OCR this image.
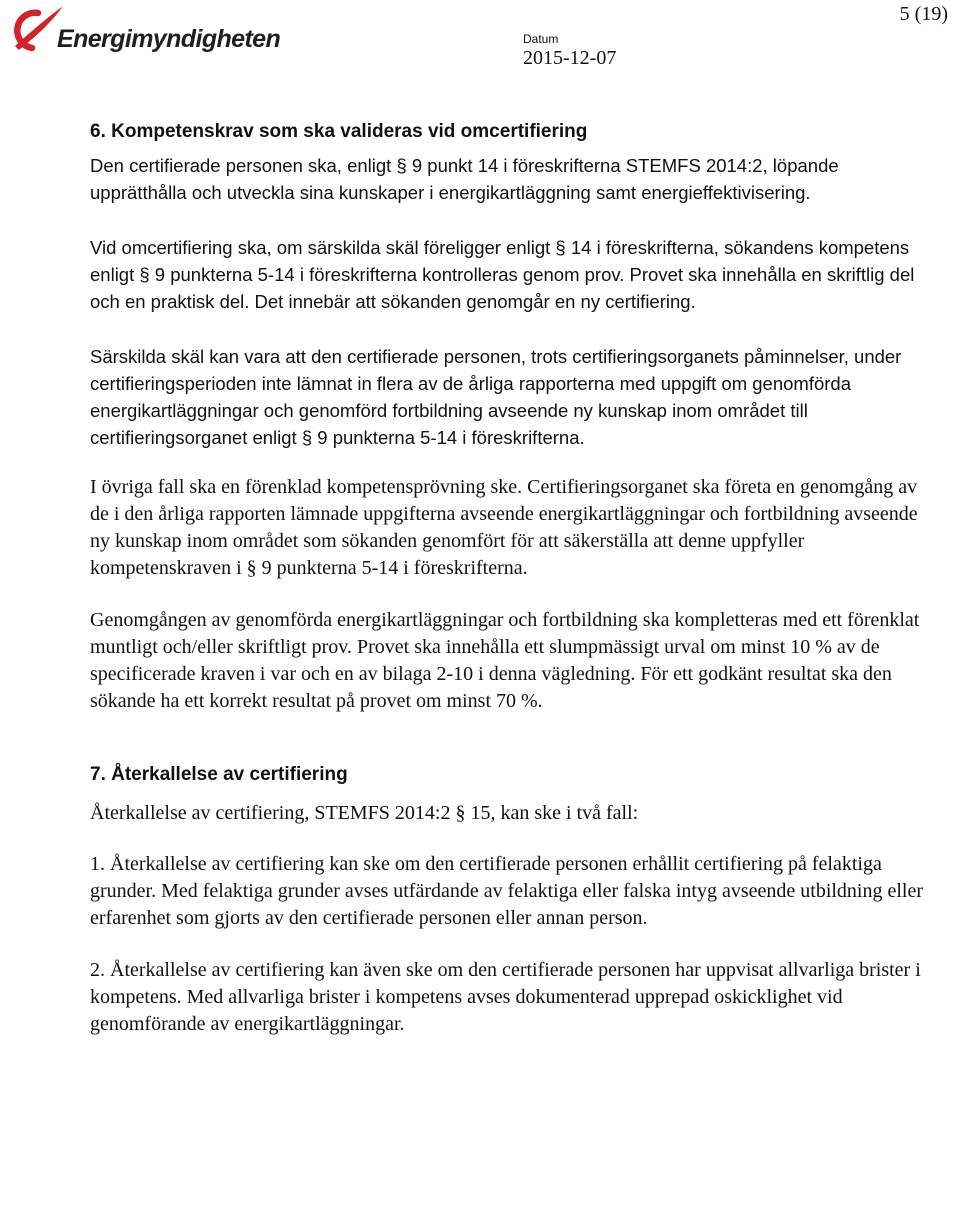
Energimyndigheten
5 (19)
Datum
2015-12-07
6. Kompetenskrav som ska valideras vid omcertifiering

Den certifierade personen ska, enligt § 9 punkt 14 i föreskrifterna STEMFS 2014:2, löpande upprätthålla och utveckla sina kunskaper i energikartläggning samt energieffektivisering.

Vid omcertifiering ska, om särskilda skäl föreligger enligt § 14 i föreskrifterna, sökandens kompetens enligt § 9 punkterna 5-14 i föreskrifterna kontrolleras genom prov. Provet ska innehålla en skriftlig del och en praktisk del. Det innebär att sökanden genomgår en ny certifiering.

Särskilda skäl kan vara att den certifierade personen, trots certifieringsorganets påminnelser, under certifieringsperioden inte lämnat in flera av de årliga rapporterna med uppgift om genomförda energikartläggningar och genomförd fortbildning avseende ny kunskap inom området till certifieringsorganet enligt § 9 punkterna 5-14 i föreskrifterna.

I övriga fall ska en förenklad kompetensprövning ske. Certifieringsorganet ska företa en genomgång av de i den årliga rapporten lämnade uppgifterna avseende energikartläggningar och fortbildning avseende ny kunskap inom området som sökanden genomfört för att säkerställa att denne uppfyller kompetenskraven i § 9 punkterna 5-14 i föreskrifterna.

Genomgången av genomförda energikartläggningar och fortbildning ska kompletteras med ett förenklat muntligt och/eller skriftligt prov. Provet ska innehålla ett slumpmässigt urval om minst 10 % av de specificerade kraven i var och en av bilaga 2-10 i denna vägledning. För ett godkänt resultat ska den sökande ha ett korrekt resultat på provet om minst 70 %.

7. Återkallelse av certifiering

Återkallelse av certifiering, STEMFS 2014:2 § 15, kan ske i två fall:

1. Återkallelse av certifiering kan ske om den certifierade personen erhållit certifiering på felaktiga grunder. Med felaktiga grunder avses utfärdande av felaktiga eller falska intyg avseende utbildning eller erfarenhet som gjorts av den certifierade personen eller annan person.

2. Återkallelse av certifiering kan även ske om den certifierade personen har uppvisat allvarliga brister i kompetens. Med allvarliga brister i kompetens avses dokumenterad upprepad oskicklighet vid genomförande av energikartläggningar.
